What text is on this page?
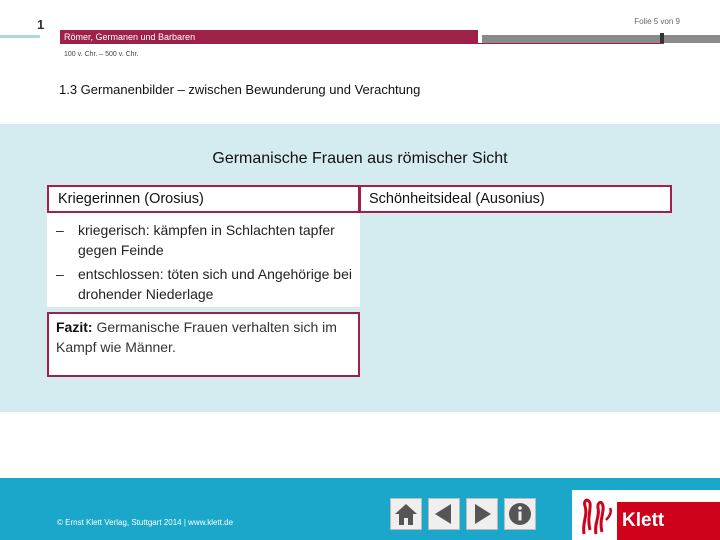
1	Folie 5 von 9
Römer, Germanen und Barbaren
100 v. Chr. – 500 v. Chr.
1.3 Germanenbilder – zwischen Bewunderung und Verachtung
Germanische Frauen aus römischer Sicht
Kriegerinnen (Orosius)	Schönheitsideal (Ausonius)
–	kriegerisch: kämpfen in Schlachten tapfer gegen Feinde
–	entschlossen: töten sich und Angehörige bei drohender Niederlage
Fazit: Germanische Frauen verhalten sich im Kampf wie Männer.
© Ernst Klett Verlag, Stuttgart 2014 | www.klett.de	Klett
